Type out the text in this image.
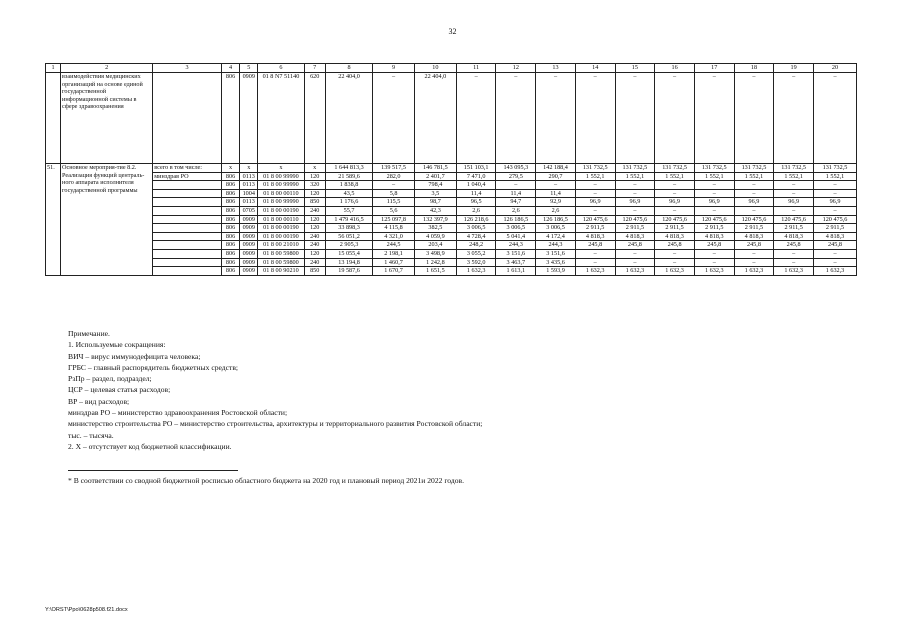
32
1	2	3	4	5	6	7	8	9	10	11	12	13	14	15	16	17	18	19	20
	взаимодействия медицинских организаций на основе единой государственной информационной системы в сфере здравоохранения		806	0909	01 8 N7 51140	620	22 404,0	–	22 404,0	–	–	–	–	–	–	–	–	–	–
51.	Основное мероприя-тие 8.2. Реализация функций централь-ного аппарата исполнителя государственной программы	всего в том числе:	х	х	х	х	1 644 813,3	139 517,5	146 781,5	151 103,1	143 095,3	142 188,4	131 732,5	131 732,5	131 732,5	131 732,5	131 732,5	131 732,5	131 732,5
		минздрав РО	806	0113	01 8 00 99990	120	21 589,6	282,0	2 401,7	7 471,0	279,5	290,7	1 552,1	1 552,1	1 552,1	1 552,1	1 552,1	1 552,1	1 552,1
			806	0113	01 8 00 99990	320	1 838,8	–	798,4	1 040,4	–	–	–	–	–	–	–	–	–
			806	1004	01 8 00 00110	120	43,5	5,8	3,5	11,4	11,4	11,4	–	–	–	–	–	–	–
			806	0113	01 8 00 99990	850	1 176,6	115,5	98,7	96,5	94,7	92,9	96,9	96,9	96,9	96,9	96,9	96,9	96,9
			806	0705	01 8 00 00190	240	55,7	5,6	42,3	2,6	2,6	2,6	–	–	–	–	–	–	–
			806	0909	01 8 00 00110	120	1 479 416,5	125 097,8	132 397,9	126 218,6	126 186,5	126 186,5	120 475,6	120 475,6	120 475,6	120 475,6	120 475,6	120 475,6	120 475,6
			806	0909	01 8 00 00190	120	33 898,3	4 115,8	382,5	3 006,5	3 006,5	3 006,5	2 911,5	2 911,5	2 911,5	2 911,5	2 911,5	2 911,5	2 911,5
			806	0909	01 8 00 00190	240	56 051,2	4 321,0	4 059,9	4 728,4	5 041,4	4 172,4	4 818,3	4 818,3	4 818,3	4 818,3	4 818,3	4 818,3	4 818,3
			806	0909	01 8 00 21010	240	2 905,3	244,5	203,4	248,2	244,3	244,3	245,8	245,8	245,8	245,8	245,8	245,8	245,8
			806	0909	01 8 00 59800	120	15 055,4	2 198,1	3 498,9	3 055,2	3 151,6	3 151,6	–	–	–	–	–	–	–
			806	0909	01 8 00 59800	240	13 194,8	1 460,7	1 242,8	3 592,0	3 463,7	3 435,6	–	–	–	–	–	–	–
			806	0909	01 8 00 90210	850	19 587,6	1 670,7	1 651,5	1 632,3	1 613,1	1 593,9	1 632,3	1 632,3	1 632,3	1 632,3	1 632,3	1 632,3	1 632,3
Примечание.
1. Используемые сокращения:
ВИЧ – вирус иммунодефицита человека;
ГРБС – главный распорядитель бюджетных средств;
РзПр – раздел, подраздел;
ЦСР – целевая статья расходов;
ВР – вид расходов;
минздрав РО – министерство здравоохранения Ростовской области;
министерство строительства РО – министерство строительства, архитектуры и территориального развития Ростовской области;
тыс. – тысяча.
2. Х – отсутствует код бюджетной классификации.
* В соответствии со сводной бюджетной росписью областного бюджета на 2020 год и плановый период 2021и 2022 годов.
Y:\ORST\Ppo\0628p508.f21.docx
